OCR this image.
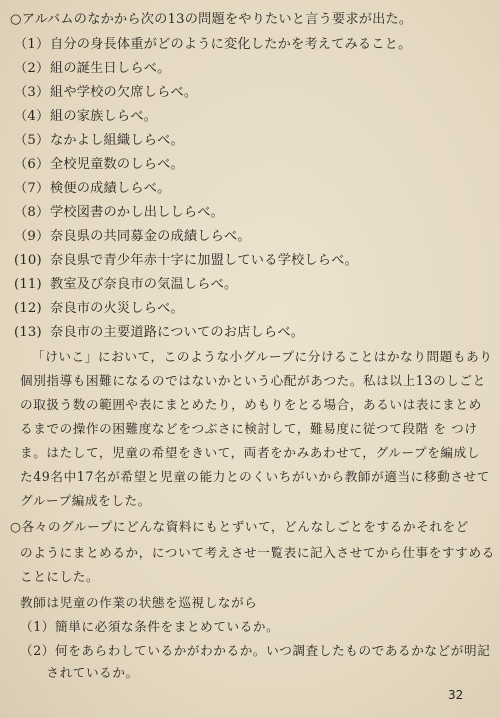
○アルバムのなかから次の13の問題をやりたいと言う要求が出た。
（1）自分の身長体重がどのように変化したかを考えてみること。
（2）組の誕生日しらべ。
（3）組や学校の欠席しらべ。
（4）組の家族しらべ。
（5）なかよし組織しらべ。
（6）全校児童数のしらべ。
（7）検便の成績しらべ。
（8）学校図書のかし出ししらべ。
（9）奈良県の共同募金の成績しらべ。
(10) 奈良県で青少年赤十字に加盟している学校しらべ。
(11) 教室及び奈良市の気温しらべ。
(12) 奈良市の火災しらべ。
(13) 奈良市の主要道路についてのお店しらべ。
「けいこ」において，このような小グループに分けることはかなり問題もあり
個別指導も困難になるのではないかという心配があつた。私は以上13のしごと
の取扱う数の範囲や表にまとめたり，めもりをとる場合，あるいは表にまとめ
るまでの操作の困難度などをつぶさに検討して，難易度に従つて段階 を つけ
ま。はたして，児童の希望をきいて，両者をかみあわせて，グループを編成し
た49名中17名が希望と児童の能力とのくいちがいから教師が適当に移動させて
グループ編成をした。
○各々のグループにどんな資料にもとずいて，どんなしごとをするかそれをど
のようにまとめるか，について考えさせ一覧表に記入させてから仕事をすすめる
ことにした。
教師は児童の作業の状態を巡視しながら
（1）簡単に必須な条件をまとめているか。
（2）何をあらわしているかがわかるか。いつ調査したものであるかなどが明記
　　されているか。
32
